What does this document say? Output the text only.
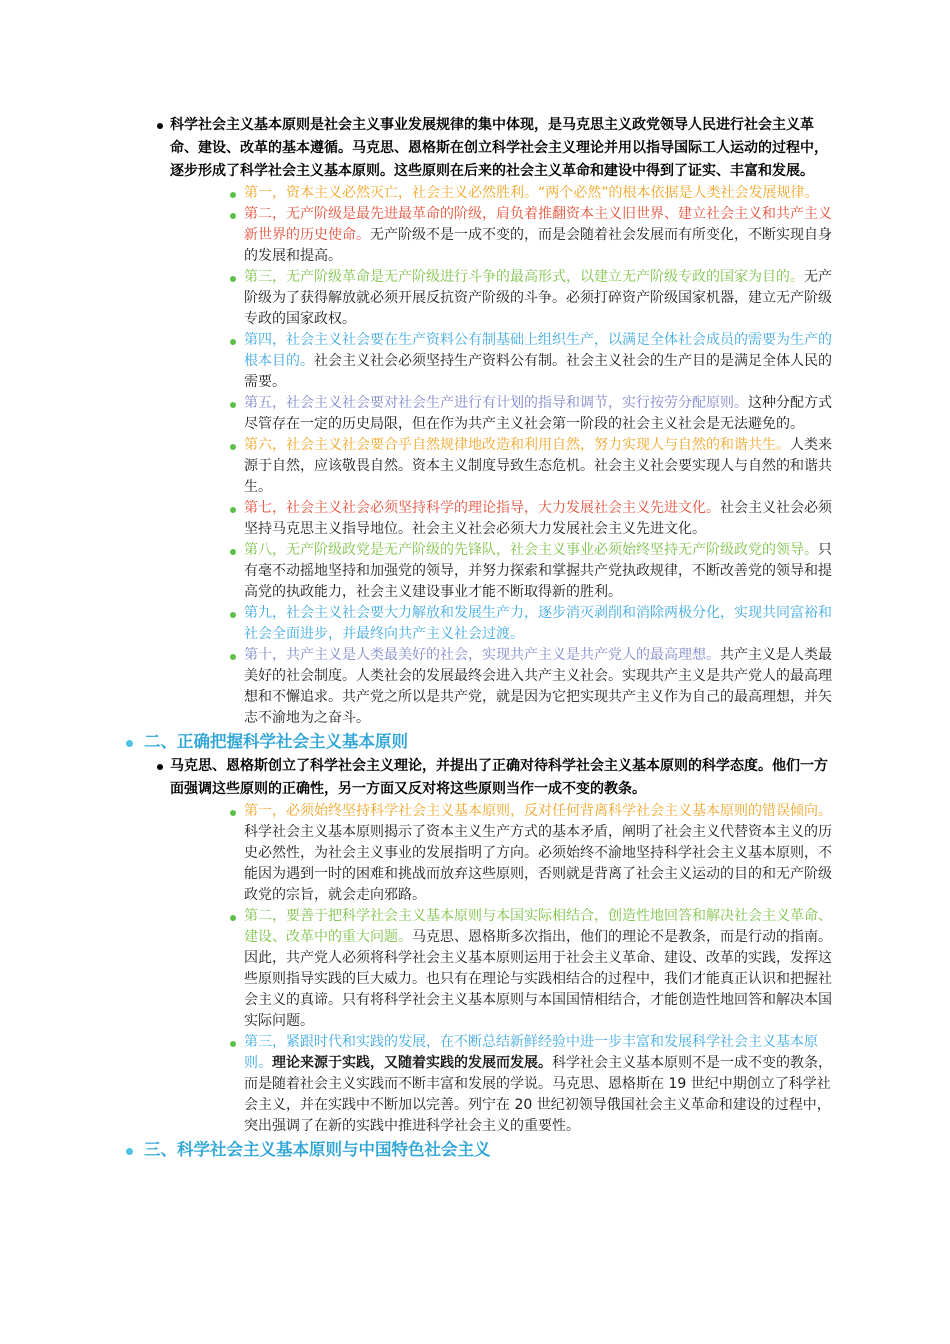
科学社会主义基本原则是社会主义事业发展规律的集中体现，是马克思主义政党领导人民进行社会主义革命、建设、改革的基本遵循。马克思、恩格斯在创立科学社会主义理论并用以指导国际工人运动的过程中，逐步形成了科学社会主义基本原则。这些原则在后来的社会主义革命和建设中得到了证实、丰富和发展。
第一，资本主义必然灭亡，社会主义必然胜利。“两个必然”的根本依据是人类社会发展规律。
第二，无产阶级是最先进最革命的阶级，肩负着推翻资本主义旧世界、建立社会主义和共产主义新世界的历史使命。无产阶级不是一成不变的，而是会随着社会发展而有所变化，不断实现自身的发展和提高。
第三，无产阶级革命是无产阶级进行斗争的最高形式，以建立无产阶级专政的国家为目的。无产阶级为了获得解放就必须开展反抗资产阶级的斗争。必须打碎资产阶级国家机器，建立无产阶级专政的国家政权。
第四，社会主义社会要在生产资料公有制基础上组织生产，以满足全体社会成员的需要为生产的根本目的。社会主义社会必须坚持生产资料公有制。社会主义社会的生产目的是满足全体人民的需要。
第五，社会主义社会要对社会生产进行有计划的指导和调节，实行按劳分配原则。这种分配方式尽管存在一定的历史局限，但在作为共产主义社会第一阶段的社会主义社会是无法避免的。
第六，社会主义社会要合乎自然规律地改造和利用自然，努力实现人与自然的和谐共生。人类来源于自然，应该敬畏自然。资本主义制度导致生态危机。社会主义社会要实现人与自然的和谐共生。
第七，社会主义社会必须坚持科学的理论指导，大力发展社会主义先进文化。社会主义社会必须坚持马克思主义指导地位。社会主义社会必须大力发展社会主义先进文化。
第八，无产阶级政党是无产阶级的先锋队，社会主义事业必须始终坚持无产阶级政党的领导。只有毫不动摇地坚持和加强党的领导，并努力探索和掌握共产党执政规律，不断改善党的领导和提高党的执政能力，社会主义建设事业才能不断取得新的胜利。
第九，社会主义社会要大力解放和发展生产力，逐步消灭剥削和消除两极分化，实现共同富裕和社会全面进步，并最终向共产主义社会过渡。
第十，共产主义是人类最美好的社会，实现共产主义是共产党人的最高理想。共产主义是人类最美好的社会制度。人类社会的发展最终会进入共产主义社会。实现共产主义是共产党人的最高理想和不懈追求。共产党之所以是共产党，就是因为它把实现共产主义作为自己的最高理想，并矢志不渝地为之奋斗。
二、正确把握科学社会主义基本原则
马克思、恩格斯创立了科学社会主义理论，并提出了正确对待科学社会主义基本原则的科学态度。他们一方面强调这些原则的正确性，另一方面又反对将这些原则当作一成不变的教条。
第一，必须始终坚持科学社会主义基本原则，反对任何背离科学社会主义基本原则的错误倾向。科学社会主义基本原则揭示了资本主义生产方式的基本矛盾，阐明了社会主义代替资本主义的历史必然性，为社会主义事业的发展指明了方向。必须始终不渝地坚持科学社会主义基本原则，不能因为遇到一时的困难和挑战而放弃这些原则，否则就是背离了社会主义运动的目的和无产阶级政党的宗旨，就会走向邪路。
第二，要善于把科学社会主义基本原则与本国实际相结合，创造性地回答和解决社会主义革命、建设、改革中的重大问题。马克思、恩格斯多次指出，他们的理论不是教条，而是行动的指南。因此，共产党人必须将科学社会主义基本原则运用于社会主义革命、建设、改革的实践，发挥这些原则指导实践的巨大威力。也只有在理论与实践相结合的过程中，我们才能真正认识和把握社会主义的真谛。只有将科学社会主义基本原则与本国国情相结合，才能创造性地回答和解决本国实际问题。
第三，紧跟时代和实践的发展，在不断总结新鲜经验中进一步丰富和发展科学社会主义基本原则。理论来源于实践，又随着实践的发展而发展。科学社会主义基本原则不是一成不变的教条，而是随着社会主义实践而不断丰富和发展的学说。马克思、恩格斯在 19 世纪中期创立了科学社会主义，并在实践中不断加以完善。列宁在 20 世纪初领导俄国社会主义革命和建设的过程中，突出强调了在新的实践中推进科学社会主义的重要性。
三、科学社会主义基本原则与中国特色社会主义
